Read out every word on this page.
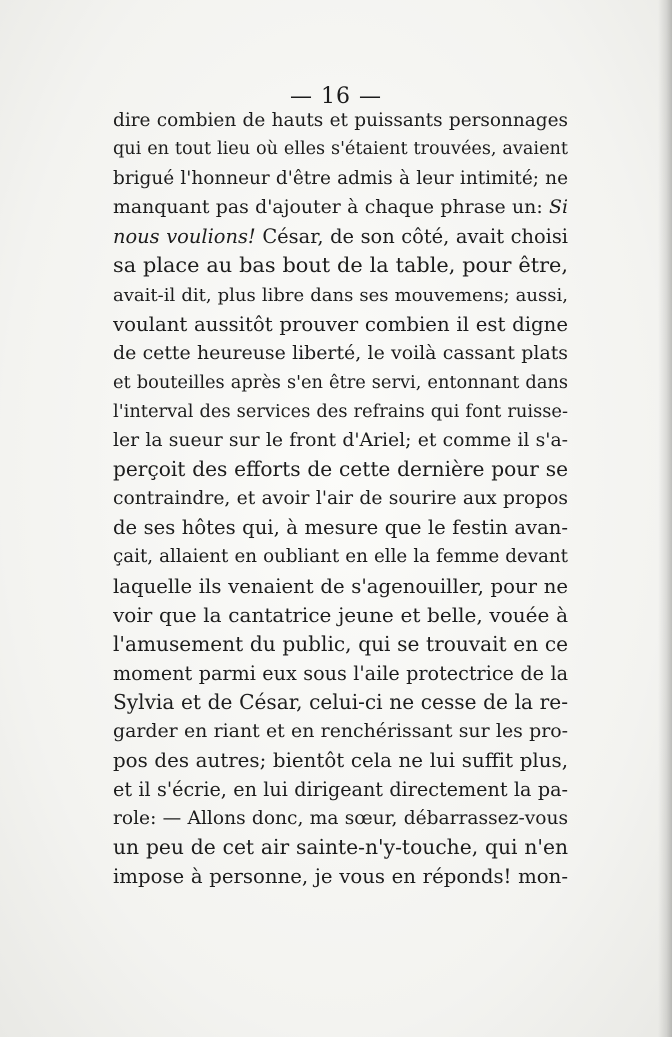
— 16 —
dire combien de hauts et puissants personnages
qui en tout lieu où elles s'étaient trouvées, avaient
brigué l'honneur d'être admis à leur intimité; ne
manquant pas d'ajouter à chaque phrase un: Si
nous voulions! César, de son côté, avait choisi
sa place au bas bout de la table, pour être,
avait-il dit, plus libre dans ses mouvemens; aussi,
voulant aussitôt prouver combien il est digne
de cette heureuse liberté, le voilà cassant plats
et bouteilles après s'en être servi, entonnant dans
l'interval des services des refrains qui font ruisse-
ler la sueur sur le front d'Ariel; et comme il s'a-
perçoit des efforts de cette dernière pour se
contraindre, et avoir l'air de sourire aux propos
de ses hôtes qui, à mesure que le festin avan-
çait, allaient en oubliant en elle la femme devant
laquelle ils venaient de s'agenouiller, pour ne
voir que la cantatrice jeune et belle, vouée à
l'amusement du public, qui se trouvait en ce
moment parmi eux sous l'aile protectrice de la
Sylvia et de César, celui-ci ne cesse de la re-
garder en riant et en renchérissant sur les pro-
pos des autres; bientôt cela ne lui suffit plus,
et il s'écrie, en lui dirigeant directement la pa-
role: — Allons donc, ma sœur, débarrassez-vous
un peu de cet air sainte-n'y-touche, qui n'en
impose à personne, je vous en réponds! mon-
